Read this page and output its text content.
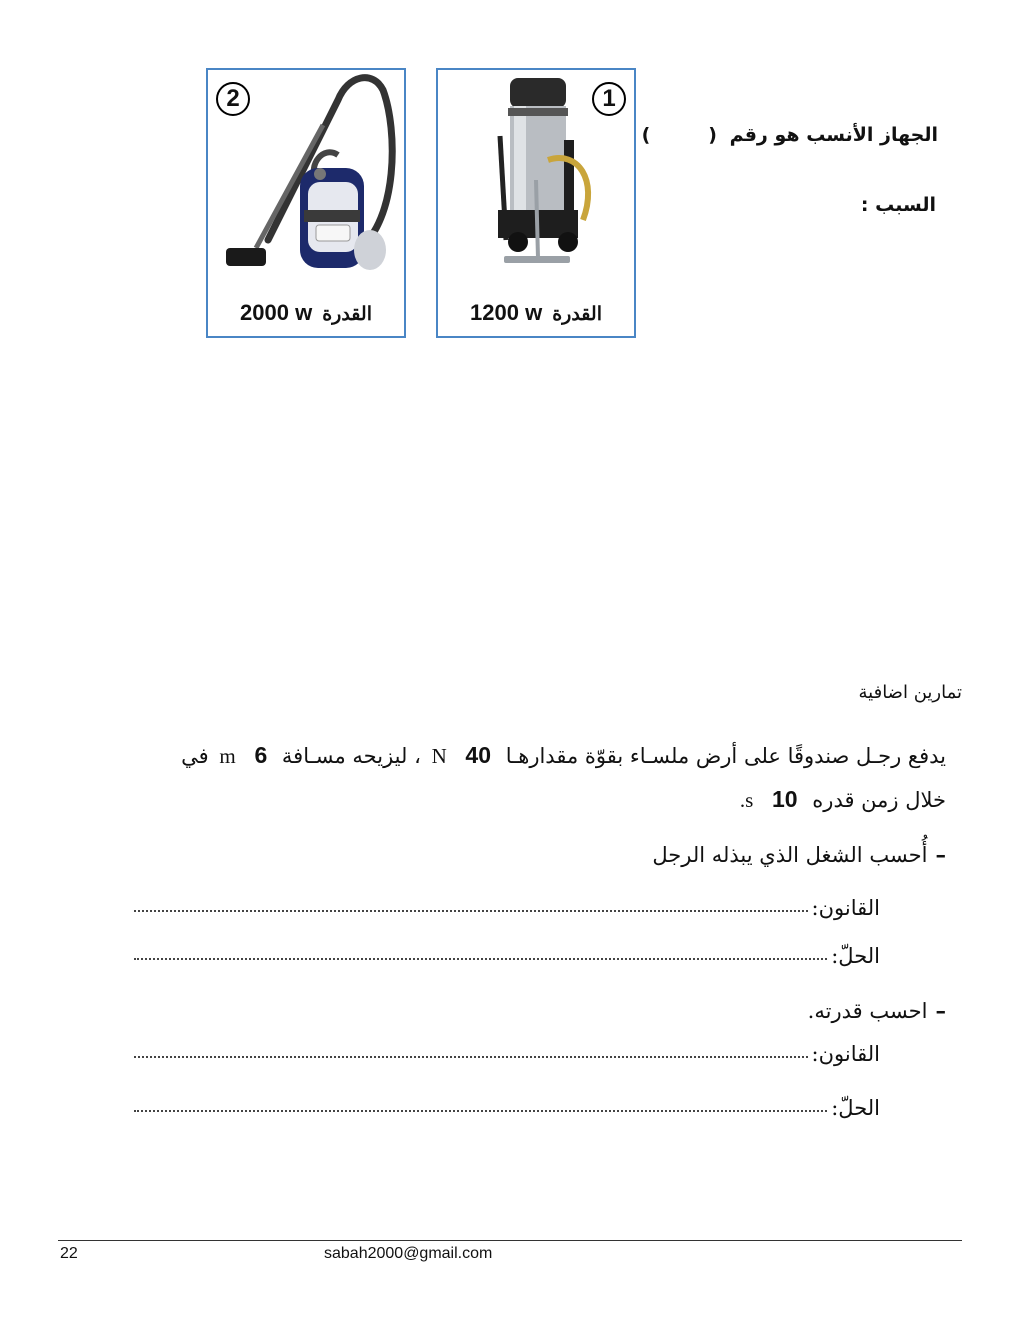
2
2000 w القدرة
1
1200 w القدرة
الجهاز الأنسب هو رقم ()
السبب :
تمارين اضافية
يدفع رجـل صندوقًا على أرض ملسـاء بقوّة مقدارهـا 40 N ، ليزيحه مسـافة 6 m في
خلال زمن قدره 10 s.
–أُحسب الشغل الذي يبذله الرجل
القانون:
الحلّ:
–احسب قدرته.
القانون:
الحلّ:
22	sabah2000@gmail.com
